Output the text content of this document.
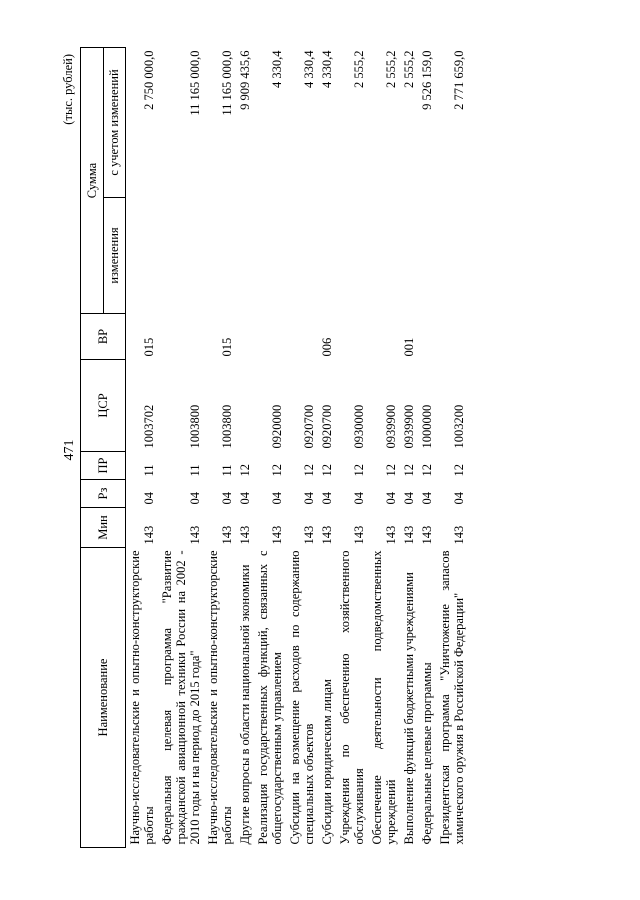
471
(тыс. рублей)
Наименование	Мин	Рз	ПР	ЦСР	ВР	Сумма	
						изменения	с учетом изменений
Научно-исследовательские и опытно-конструкторские работы	143	04	11	1003702	015		2 750 000,0
Федеральная целевая программа "Развитие гражданской авиационной техники России на 2002 - 2010 годы и на период до 2015 года"	143	04	11	1003800			11 165 000,0
Научно-исследовательские и опытно-конструкторские работы	143	04	11	1003800	015		11 165 000,0
Другие вопросы в области национальной экономики	143	04	12				9 909 435,6
Реализация государственных функций, связанных с общегосударственным управлением	143	04	12	0920000			4 330,4
Субсидии на возмещение расходов по содержанию специальных объектов	143	04	12	0920700			4 330,4
Субсидии юридическим лицам	143	04	12	0920700	006		4 330,4
Учреждения по обеспечению хозяйственного обслуживания	143	04	12	0930000			2 555,2
Обеспечение деятельности подведомственных учреждений	143	04	12	0939900			2 555,2
Выполнение функций бюджетными учреждениями	143	04	12	0939900	001		2 555,2
Федеральные целевые программы	143	04	12	1000000			9 526 159,0
Президентская программа "Уничтожение запасов химического оружия в Российской Федерации"	143	04	12	1003200			2 771 659,0
